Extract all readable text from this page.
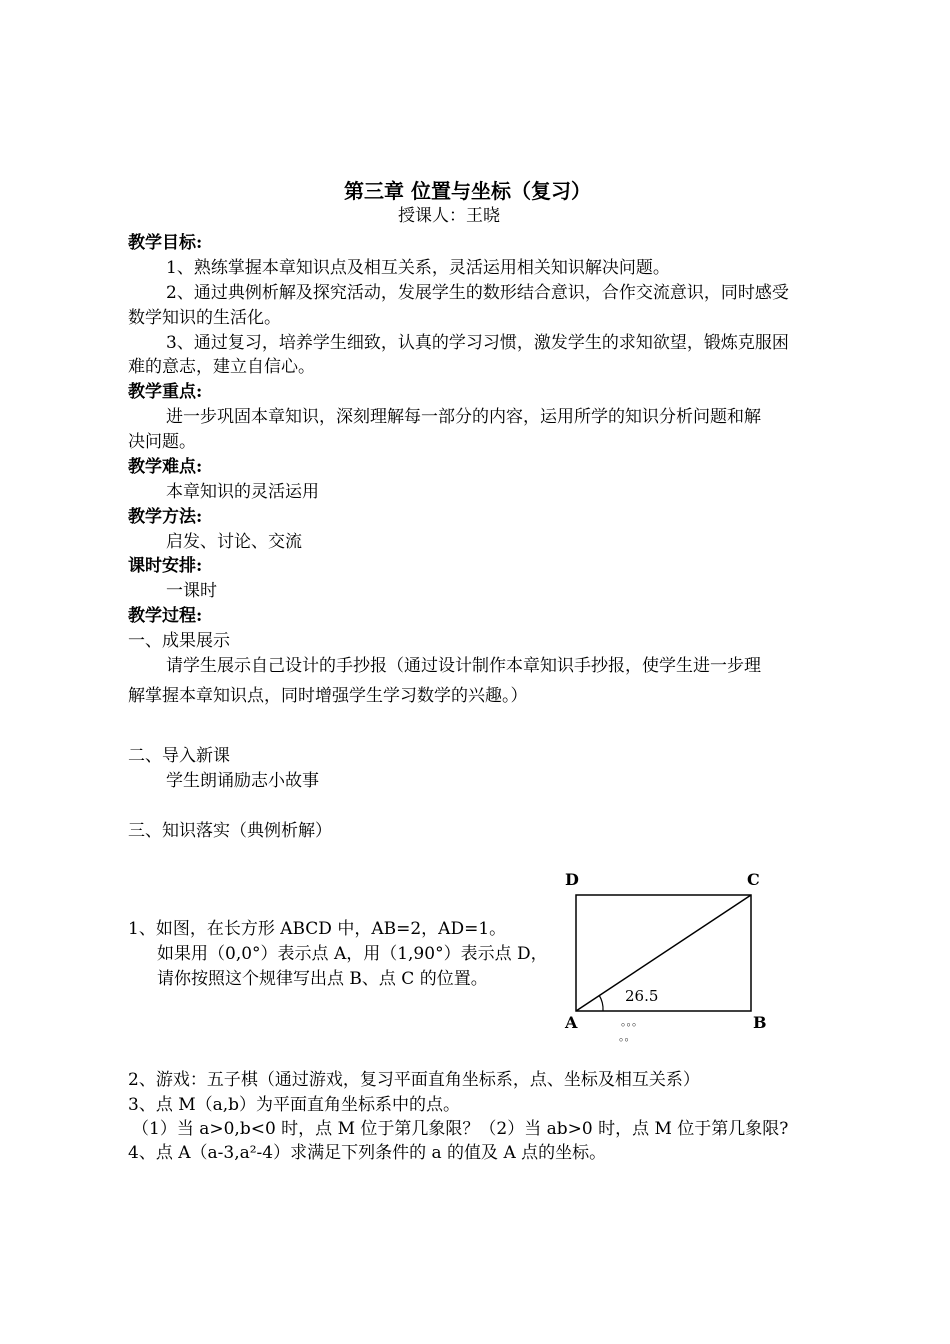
第三章 位置与坐标（复习）
授课人：王晓
教学目标:
1、熟练掌握本章知识点及相互关系，灵活运用相关知识解决问题。
2、通过典例析解及探究活动，发展学生的数形结合意识，合作交流意识，同时感受
数学知识的生活化。
3、通过复习，培养学生细致，认真的学习习惯，激发学生的求知欲望，锻炼克服困
难的意志，建立自信心。
教学重点:
进一步巩固本章知识，深刻理解每一部分的内容，运用所学的知识分析问题和解
决问题。
教学难点:
本章知识的灵活运用
教学方法:
启发、讨论、交流
课时安排:
一课时
教学过程:
一、成果展示
请学生展示自己设计的手抄报（通过设计制作本章知识手抄报，使学生进一步理
解掌握本章知识点，同时增强学生学习数学的兴趣。）
二、导入新课
学生朗诵励志小故事
三、知识落实（典例析解）
1、如图，在长方形 ABCD 中，AB=2，AD=1。
如果用（0,0°）表示点 A，用（1,90°）表示点 D，
请你按照这个规律写出点 B、点 C 的位置。
D	C
A	B
26.5
。。。
。。
2、游戏：五子棋（通过游戏，复习平面直角坐标系，点、坐标及相互关系）
3、点 M（a,b）为平面直角坐标系中的点。
（1）当 a>0,b<0 时，点 M 位于第几象限？（2）当 ab>0 时，点 M 位于第几象限?
4、点 A（a-3,a²-4）求满足下列条件的 a 的值及 A 点的坐标。
